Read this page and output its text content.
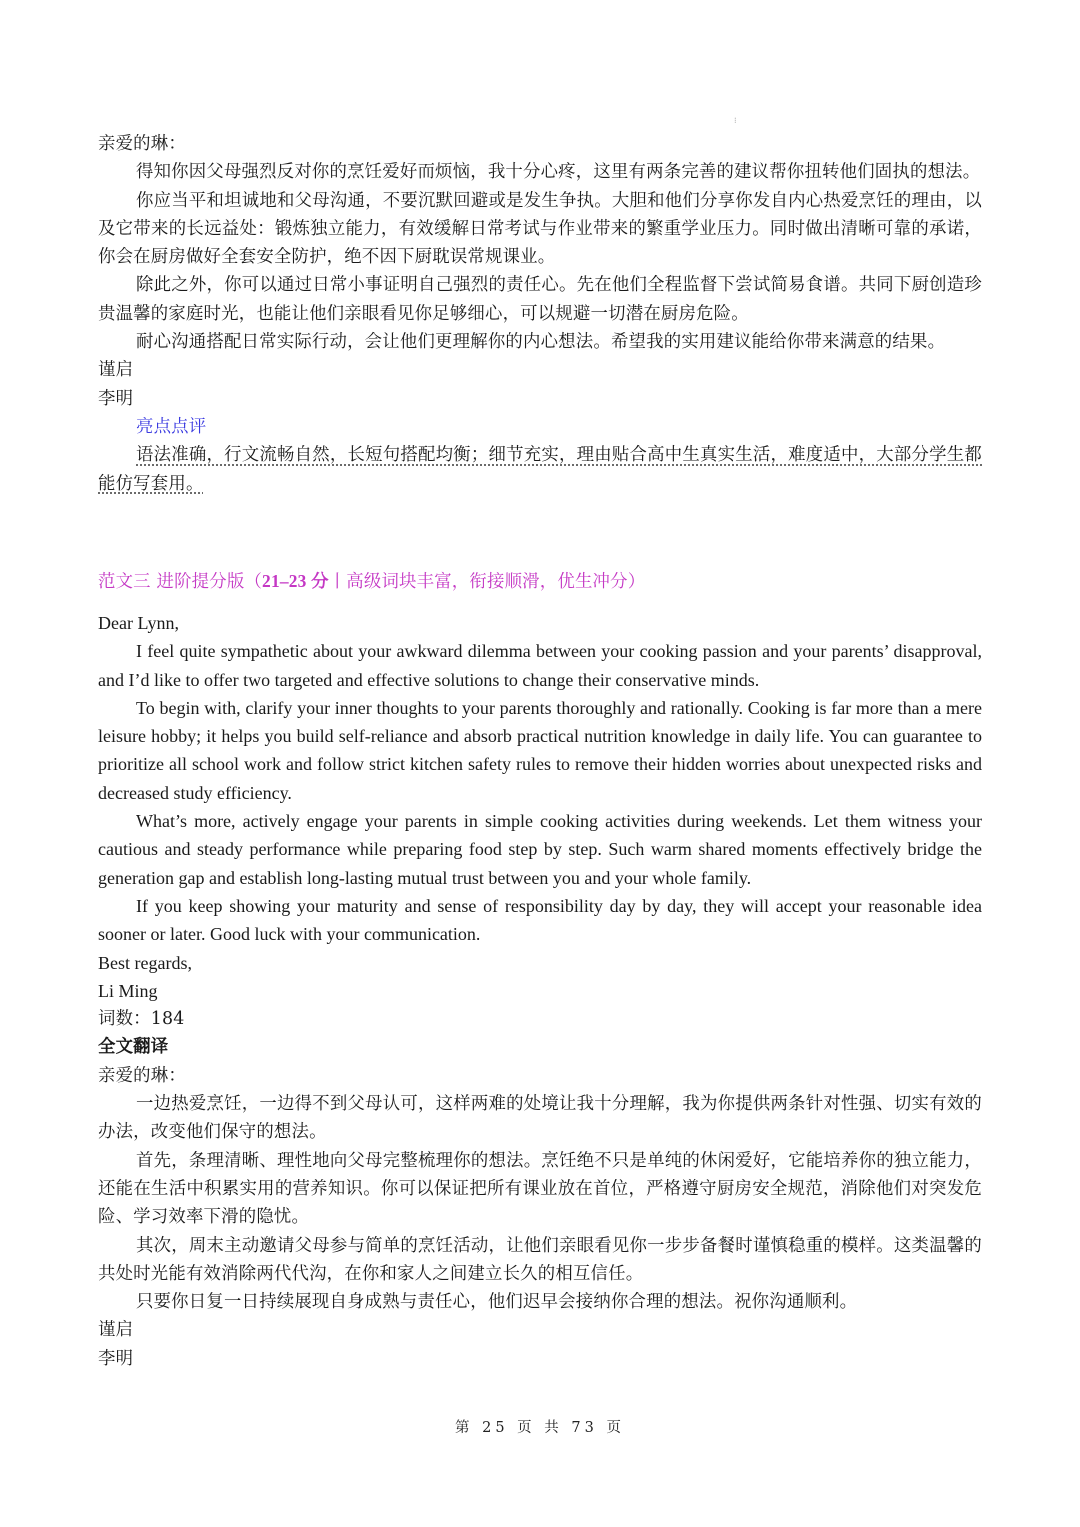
⁝

亲爱的琳：

得知你因父母强烈反对你的烹饪爱好而烦恼，我十分心疼，这里有两条完善的建议帮你扭转他们固执的想法。

你应当平和坦诚地和父母沟通，不要沉默回避或是发生争执。大胆和他们分享你发自内心热爱烹饪的理由，以及它带来的长远益处：锻炼独立能力，有效缓解日常考试与作业带来的繁重学业压力。同时做出清晰可靠的承诺，你会在厨房做好全套安全防护，绝不因下厨耽误常规课业。

除此之外，你可以通过日常小事证明自己强烈的责任心。先在他们全程监督下尝试简易食谱。共同下厨创造珍贵温馨的家庭时光，也能让他们亲眼看见你足够细心，可以规避一切潜在厨房危险。

耐心沟通搭配日常实际行动，会让他们更理解你的内心想法。希望我的实用建议能给你带来满意的结果。

谨启

李明

亮点点评

语法准确，行文流畅自然，长短句搭配均衡；细节充实，理由贴合高中生真实生活，难度适中，大部分学生都能仿写套用。

范文三 进阶提分版（21–23 分丨高级词块丰富，衔接顺滑，优生冲分）

Dear Lynn,

I feel quite sympathetic about your awkward dilemma between your cooking passion and your parents’ disapproval, and I’d like to offer two targeted and effective solutions to change their conservative minds.

To begin with, clarify your inner thoughts to your parents thoroughly and rationally. Cooking is far more than a mere leisure hobby; it helps you build self-reliance and absorb practical nutrition knowledge in daily life. You can guarantee to prioritize all school work and follow strict kitchen safety rules to remove their hidden worries about unexpected risks and decreased study efficiency.

What’s more, actively engage your parents in simple cooking activities during weekends. Let them witness your cautious and steady performance while preparing food step by step. Such warm shared moments effectively bridge the generation gap and establish long-lasting mutual trust between you and your whole family.

If you keep showing your maturity and sense of responsibility day by day, they will accept your reasonable idea sooner or later. Good luck with your communication.

Best regards,

Li Ming

词数：184

全文翻译

亲爱的琳：

一边热爱烹饪，一边得不到父母认可，这样两难的处境让我十分理解，我为你提供两条针对性强、切实有效的办法，改变他们保守的想法。

首先，条理清晰、理性地向父母完整梳理你的想法。烹饪绝不只是单纯的休闲爱好，它能培养你的独立能力，还能在生活中积累实用的营养知识。你可以保证把所有课业放在首位，严格遵守厨房安全规范，消除他们对突发危险、学习效率下滑的隐忧。

其次，周末主动邀请父母参与简单的烹饪活动，让他们亲眼看见你一步步备餐时谨慎稳重的模样。这类温馨的共处时光能有效消除两代代沟，在你和家人之间建立长久的相互信任。

只要你日复一日持续展现自身成熟与责任心，他们迟早会接纳你合理的想法。祝你沟通顺利。

谨启

李明

第 25 页 共 73 页
